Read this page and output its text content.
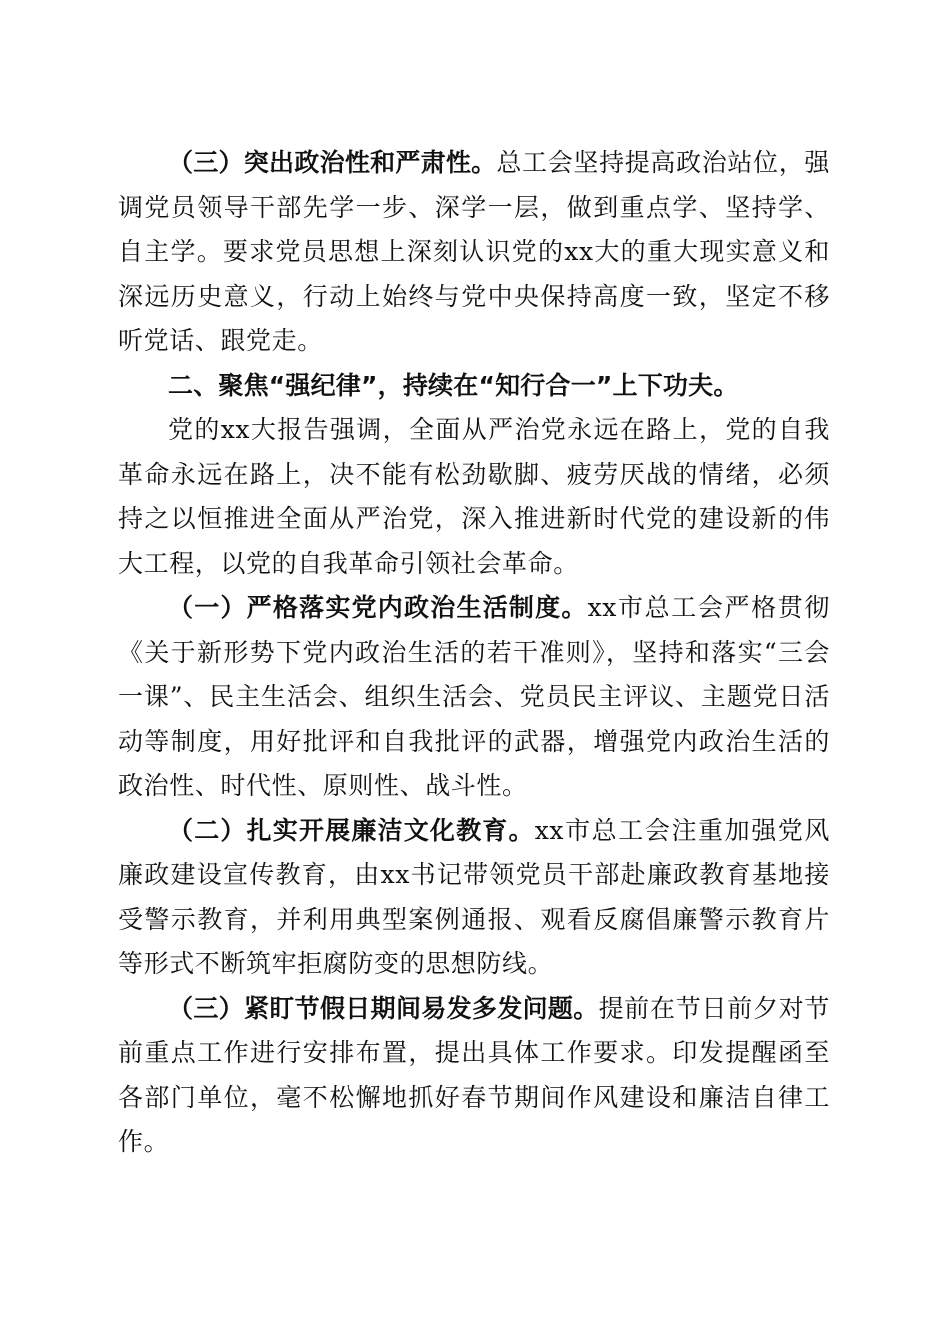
（三）突出政治性和严肃性。总工会坚持提高政治站位，强调党员领导干部先学一步、深学一层，做到重点学、坚持学、自主学。要求党员思想上深刻认识党的xx大的重大现实意义和深远历史意义，行动上始终与党中央保持高度一致，坚定不移听党话、跟党走。

二、聚焦“强纪律”，持续在“知行合一”上下功夫。

党的xx大报告强调，全面从严治党永远在路上，党的自我革命永远在路上，决不能有松劲歇脚、疲劳厌战的情绪，必须持之以恒推进全面从严治党，深入推进新时代党的建设新的伟大工程，以党的自我革命引领社会革命。

（一）严格落实党内政治生活制度。xx市总工会严格贯彻《关于新形势下党内政治生活的若干准则》，坚持和落实“三会一课”、民主生活会、组织生活会、党员民主评议、主题党日活动等制度，用好批评和自我批评的武器，增强党内政治生活的政治性、时代性、原则性、战斗性。

（二）扎实开展廉洁文化教育。xx市总工会注重加强党风廉政建设宣传教育，由xx书记带领党员干部赴廉政教育基地接受警示教育，并利用典型案例通报、观看反腐倡廉警示教育片等形式不断筑牢拒腐防变的思想防线。

（三）紧盯节假日期间易发多发问题。提前在节日前夕对节前重点工作进行安排布置，提出具体工作要求。印发提醒函至各部门单位，毫不松懈地抓好春节期间作风建设和廉洁自律工作。
